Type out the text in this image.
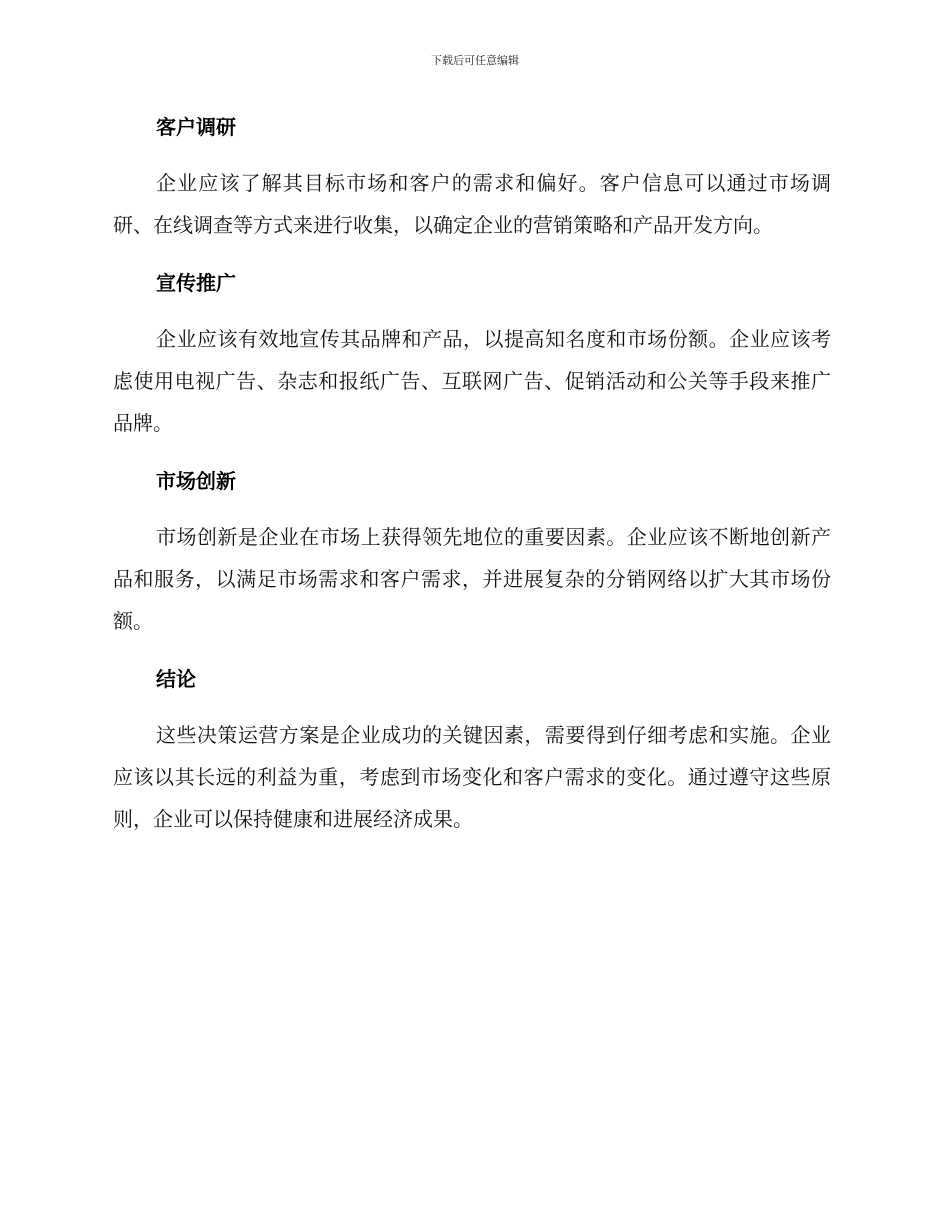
下载后可任意编辑
客户调研

企业应该了解其目标市场和客户的需求和偏好。客户信息可以通过市场调研、在线调查等方式来进行收集，以确定企业的营销策略和产品开发方向。

宣传推广

企业应该有效地宣传其品牌和产品，以提高知名度和市场份额。企业应该考虑使用电视广告、杂志和报纸广告、互联网广告、促销活动和公关等手段来推广品牌。

市场创新

市场创新是企业在市场上获得领先地位的重要因素。企业应该不断地创新产品和服务，以满足市场需求和客户需求，并进展复杂的分销网络以扩大其市场份额。

结论

这些决策运营方案是企业成功的关键因素，需要得到仔细考虑和实施。企业应该以其长远的利益为重，考虑到市场变化和客户需求的变化。通过遵守这些原则，企业可以保持健康和进展经济成果。
